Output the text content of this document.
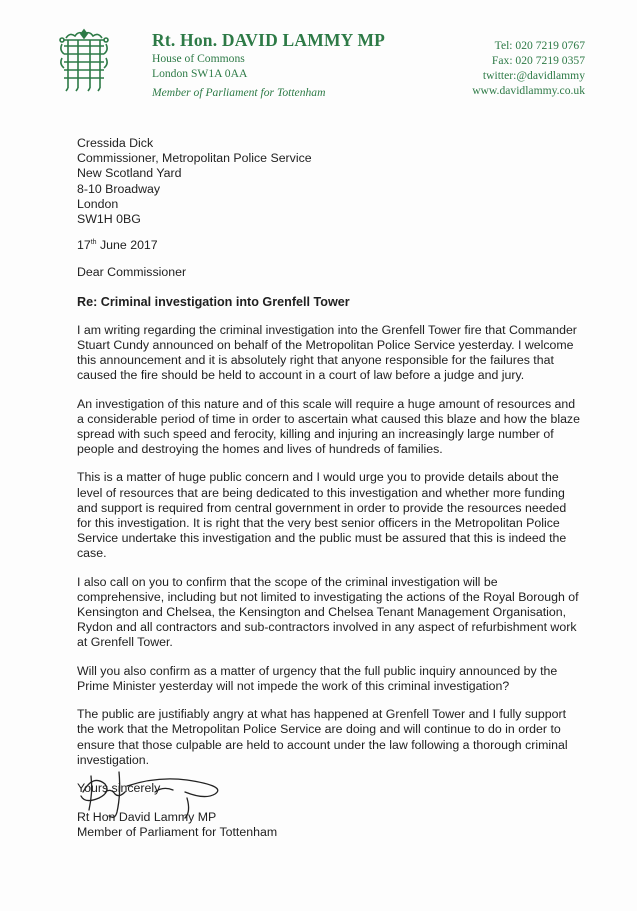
Rt. Hon. DAVID LAMMY MP
House of Commons
London SW1A 0AA
Member of Parliament for Tottenham
Tel: 020 7219 0767
Fax: 020 7219 0357
twitter:@davidlammy
www.davidlammy.co.uk
Cressida Dick
Commissioner, Metropolitan Police Service
New Scotland Yard
8-10 Broadway
London
SW1H 0BG
17th June 2017
Dear Commissioner
Re: Criminal investigation into Grenfell Tower
I am writing regarding the criminal investigation into the Grenfell Tower fire that Commander
Stuart Cundy announced on behalf of the Metropolitan Police Service yesterday. I welcome
this announcement and it is absolutely right that anyone responsible for the failures that
caused the fire should be held to account in a court of law before a judge and jury.
An investigation of this nature and of this scale will require a huge amount of resources and
a considerable period of time in order to ascertain what caused this blaze and how the blaze
spread with such speed and ferocity, killing and injuring an increasingly large number of
people and destroying the homes and lives of hundreds of families.
This is a matter of huge public concern and I would urge you to provide details about the
level of resources that are being dedicated to this investigation and whether more funding
and support is required from central government in order to provide the resources needed
for this investigation. It is right that the very best senior officers in the Metropolitan Police
Service undertake this investigation and the public must be assured that this is indeed the
case.
I also call on you to confirm that the scope of the criminal investigation will be
comprehensive, including but not limited to investigating the actions of the Royal Borough of
Kensington and Chelsea, the Kensington and Chelsea Tenant Management Organisation,
Rydon and all contractors and sub-contractors involved in any aspect of refurbishment work
at Grenfell Tower.
Will you also confirm as a matter of urgency that the full public inquiry announced by the
Prime Minister yesterday will not impede the work of this criminal investigation?
The public are justifiably angry at what has happened at Grenfell Tower and I fully support
the work that the Metropolitan Police Service are doing and will continue to do in order to
ensure that those culpable are held to account under the law following a thorough criminal
investigation.
Yours sincerely
Rt Hon David Lammy MP
Member of Parliament for Tottenham
